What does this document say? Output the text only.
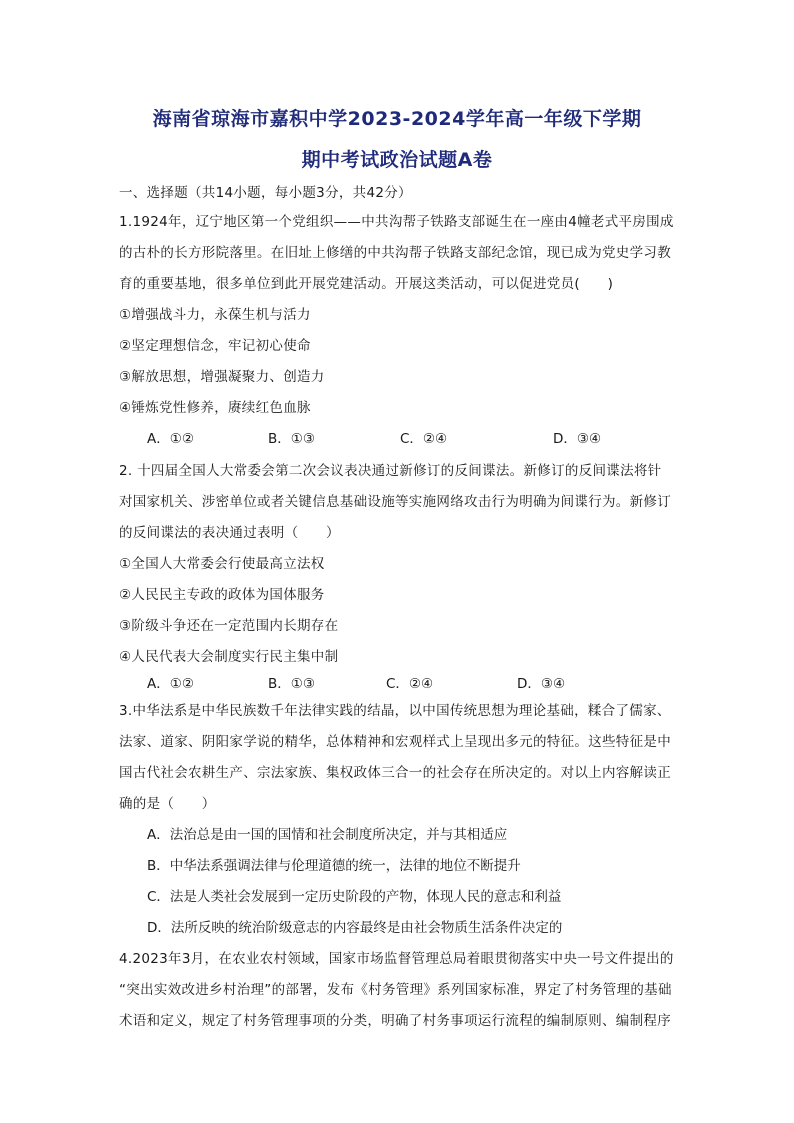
海南省琼海市嘉积中学2023-2024学年高一年级下学期
期中考试政治试题A卷
一、选择题（共14小题，每小题3分，共42分）
1.1924年，辽宁地区第一个党组织——中共沟帮子铁路支部诞生在一座由4幢老式平房围成
的古朴的长方形院落里。在旧址上修缮的中共沟帮子铁路支部纪念馆，现已成为党史学习教
育的重要基地，很多单位到此开展党建活动。开展这类活动，可以促进党员(　　)
①增强战斗力，永葆生机与活力
②坚定理想信念，牢记初心使命
③解放思想，增强凝聚力、创造力
④锤炼党性修养，赓续红色血脉
A．①②	B．①③	C．②④	D．③④
2. 十四届全国人大常委会第二次会议表决通过新修订的反间谍法。新修订的反间谍法将针
对国家机关、涉密单位或者关键信息基础设施等实施网络攻击行为明确为间谍行为。新修订
的反间谍法的表决通过表明（　　）
①全国人大常委会行使最高立法权
②人民民主专政的政体为国体服务
③阶级斗争还在一定范围内长期存在
④人民代表大会制度实行民主集中制
A．①②	B．①③	C．②④	D．③④
3.中华法系是中华民族数千年法律实践的结晶，以中国传统思想为理论基础，糅合了儒家、
法家、道家、阴阳家学说的精华，总体精神和宏观样式上呈现出多元的特征。这些特征是中
国古代社会农耕生产、宗法家族、集权政体三合一的社会存在所决定的。对以上内容解读正
确的是（　　）
A．法治总是由一国的国情和社会制度所决定，并与其相适应
B．中华法系强调法律与伦理道德的统一，法律的地位不断提升
C．法是人类社会发展到一定历史阶段的产物，体现人民的意志和利益
D．法所反映的统治阶级意志的内容最终是由社会物质生活条件决定的
4.2023年3月，在农业农村领域，国家市场监督管理总局着眼贯彻落实中央一号文件提出的
“突出实效改进乡村治理”的部署，发布《村务管理》系列国家标准，界定了村务管理的基础
术语和定义，规定了村务管理事项的分类，明确了村务事项运行流程的编制原则、编制程序
